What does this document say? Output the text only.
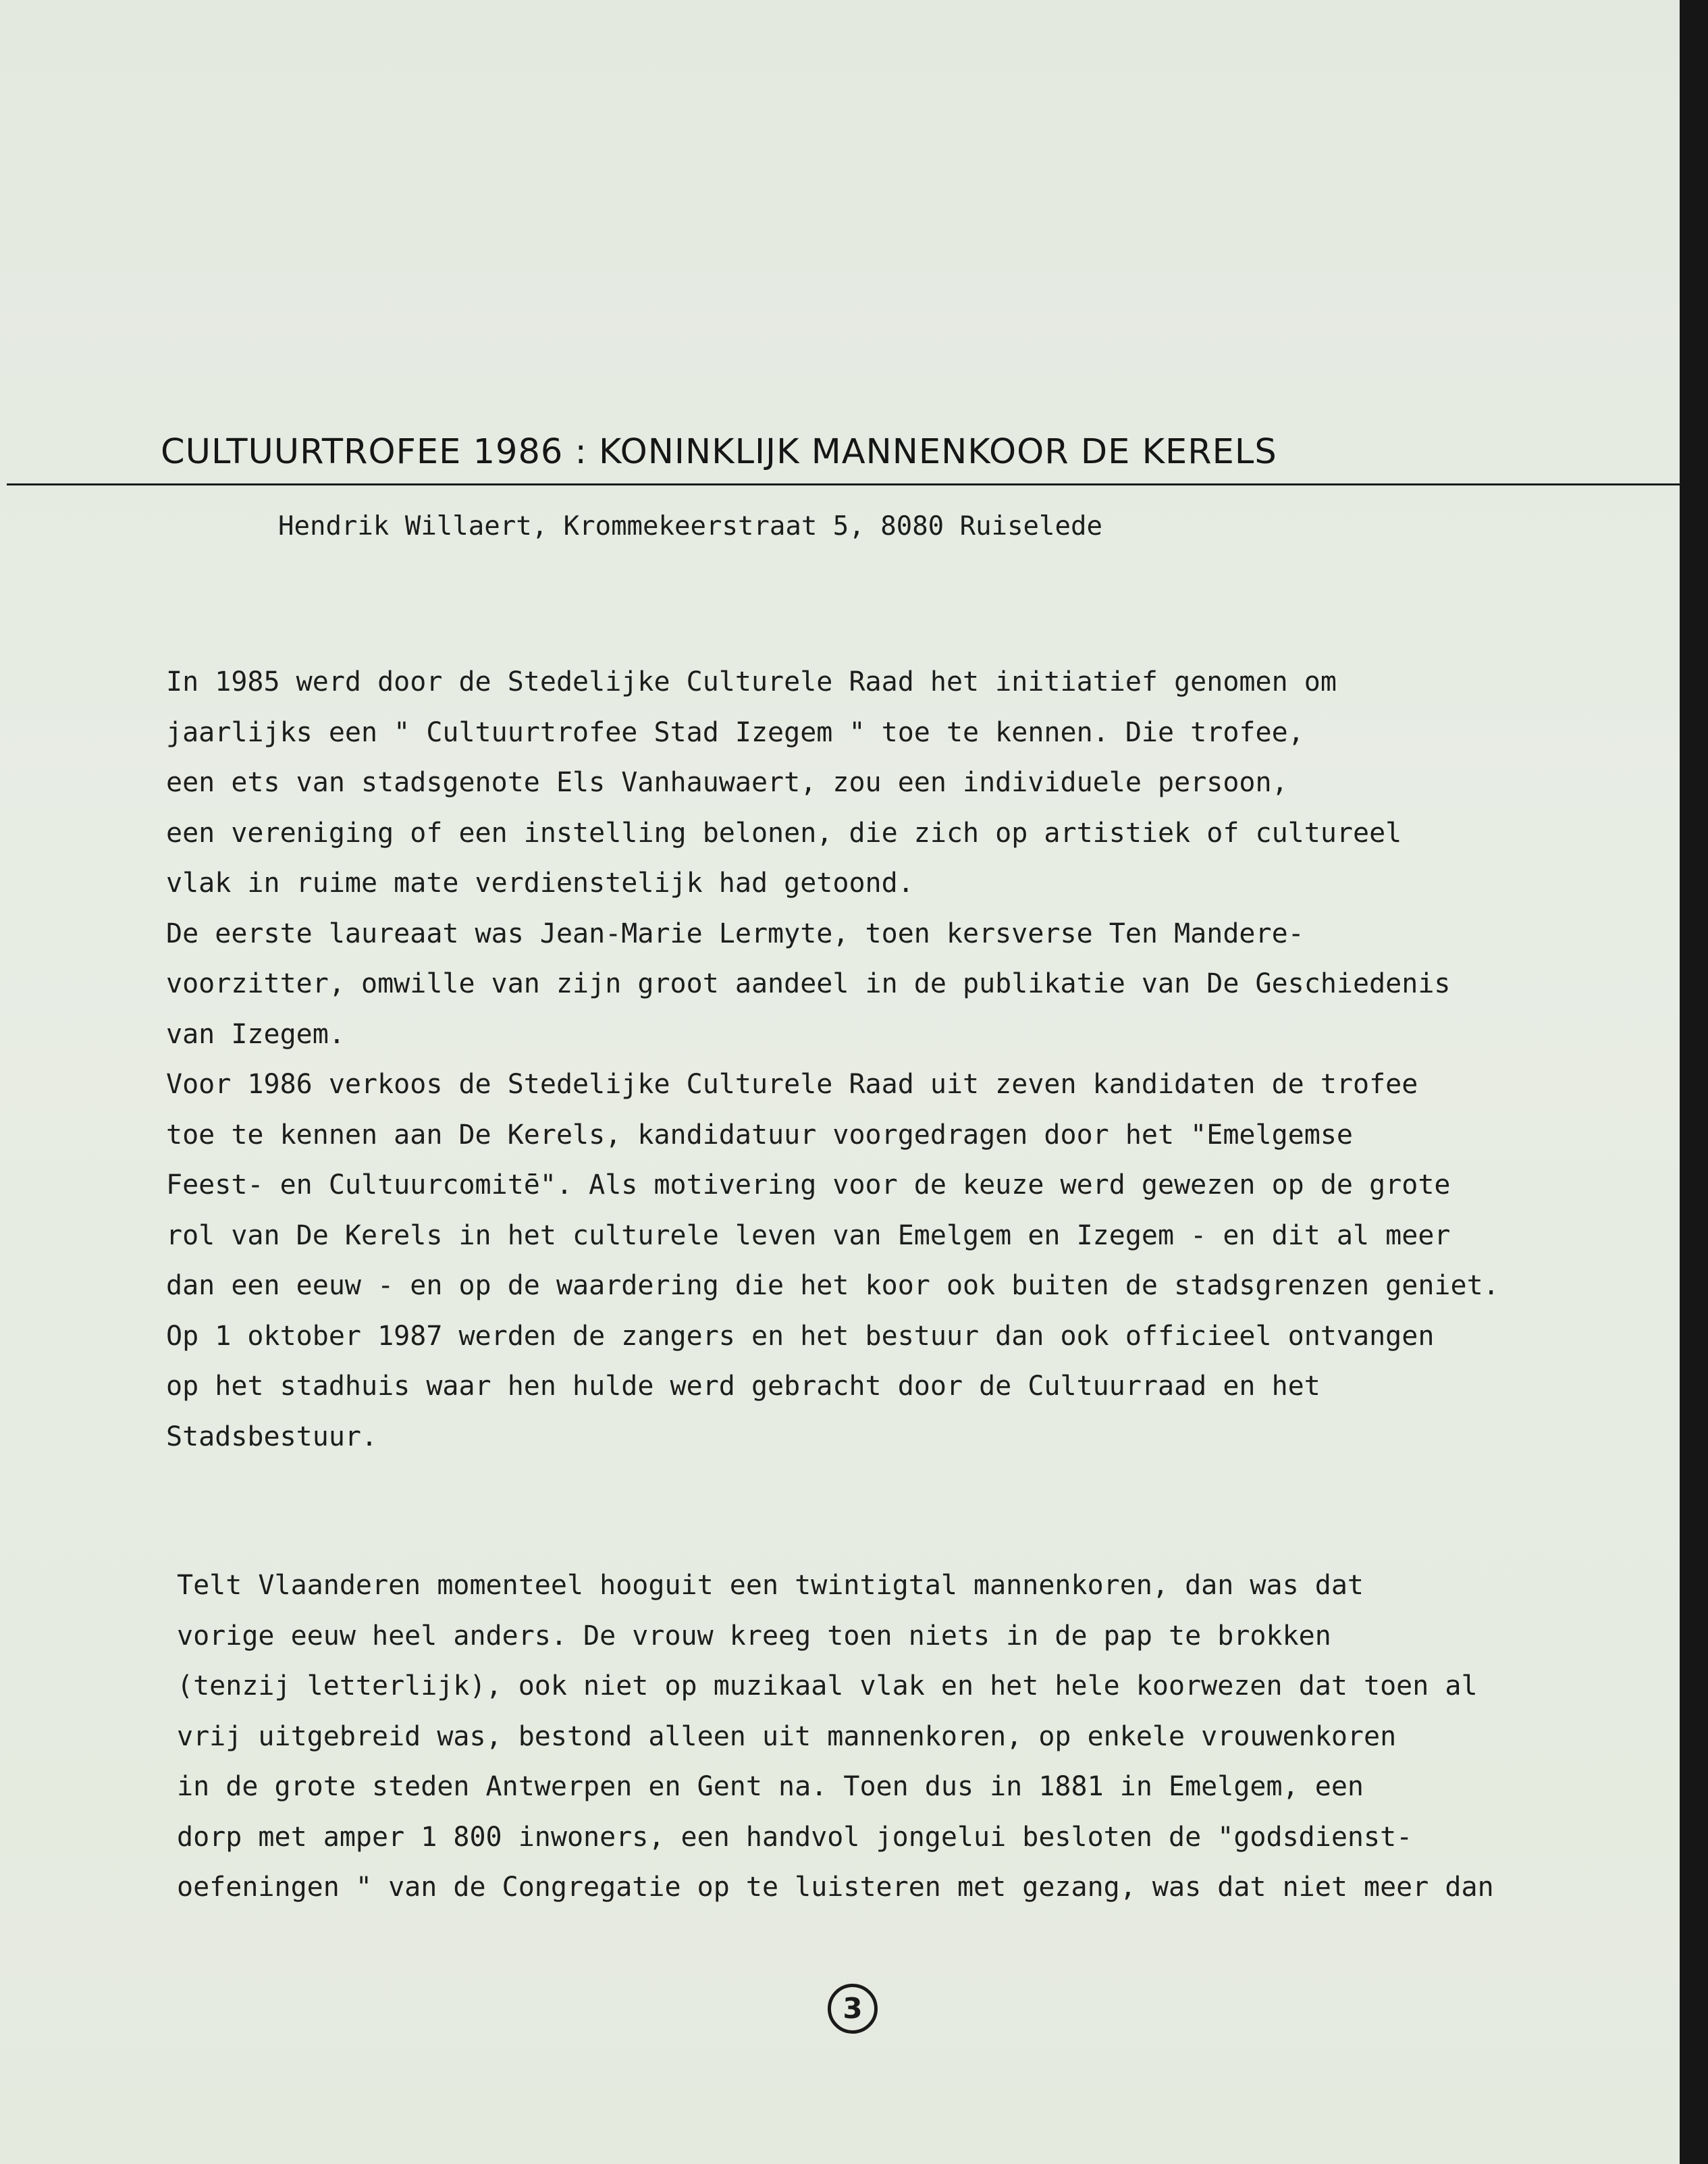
CULTUURTROFEE 1986 : KONINKLIJK MANNENKOOR DE KERELS
Hendrik Willaert, Krommekeerstraat 5, 8080 Ruiselede
In 1985 werd door de Stedelijke Culturele Raad het initiatief genomen om
jaarlijks een " Cultuurtrofee Stad Izegem " toe te kennen. Die trofee,
een ets van stadsgenote Els Vanhauwaert, zou een individuele persoon,
een vereniging of een instelling belonen, die zich op artistiek of cultureel
vlak in ruime mate verdienstelijk had getoond.
De eerste laureaat was Jean-Marie Lermyte, toen kersverse Ten Mandere-
voorzitter, omwille van zijn groot aandeel in de publikatie van De Geschiedenis
van Izegem.
Voor 1986 verkoos de Stedelijke Culturele Raad uit zeven kandidaten de trofee
toe te kennen aan De Kerels, kandidatuur voorgedragen door het "Emelgemse
Feest- en Cultuurcomitē". Als motivering voor de keuze werd gewezen op de grote
rol van De Kerels in het culturele leven van Emelgem en Izegem - en dit al meer
dan een eeuw - en op de waardering die het koor ook buiten de stadsgrenzen geniet.
Op 1 oktober 1987 werden de zangers en het bestuur dan ook officieel ontvangen
op het stadhuis waar hen hulde werd gebracht door de Cultuurraad en het
Stadsbestuur.
Telt Vlaanderen momenteel hooguit een twintigtal mannenkoren, dan was dat
vorige eeuw heel anders. De vrouw kreeg toen niets in de pap te brokken
(tenzij letterlijk), ook niet op muzikaal vlak en het hele koorwezen dat toen al
vrij uitgebreid was, bestond alleen uit mannenkoren, op enkele vrouwenkoren
in de grote steden Antwerpen en Gent na. Toen dus in 1881 in Emelgem, een
dorp met amper 1 800 inwoners, een handvol jongelui besloten de "godsdienst-
oefeningen " van de Congregatie op te luisteren met gezang, was dat niet meer dan
3
